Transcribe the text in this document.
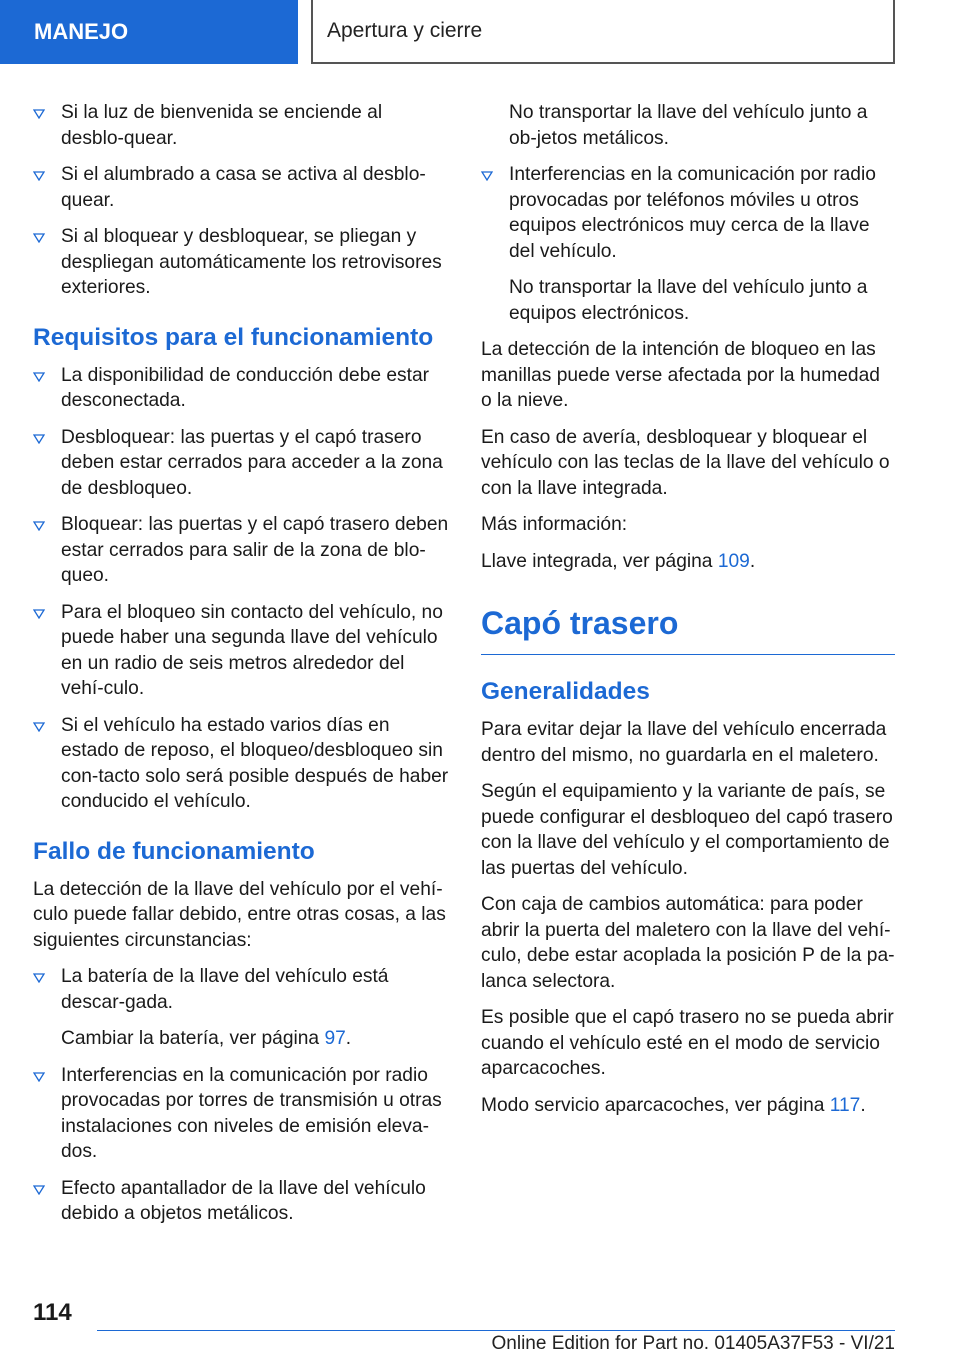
MANEJO	Apertura y cierre
Si la luz de bienvenida se enciende al desblo-quear.
Si el alumbrado a casa se activa al desblo-quear.
Si al bloquear y desbloquear, se pliegan y despliegan automáticamente los retrovisores exteriores.
Requisitos para el funcionamiento
La disponibilidad de conducción debe estar desconectada.
Desbloquear: las puertas y el capó trasero deben estar cerrados para acceder a la zona de desbloqueo.
Bloquear: las puertas y el capó trasero deben estar cerrados para salir de la zona de blo-queo.
Para el bloqueo sin contacto del vehículo, no puede haber una segunda llave del vehículo en un radio de seis metros alrededor del vehí-culo.
Si el vehículo ha estado varios días en estado de reposo, el bloqueo/desbloqueo sin con-tacto solo será posible después de haber conducido el vehículo.
Fallo de funcionamiento
La detección de la llave del vehículo por el vehí-culo puede fallar debido, entre otras cosas, a las siguientes circunstancias:
La batería de la llave del vehículo está descar-gada.
Cambiar la batería, ver página 97.
Interferencias en la comunicación por radio provocadas por torres de transmisión u otras instalaciones con niveles de emisión eleva-dos.
Efecto apantallador de la llave del vehículo debido a objetos metálicos.
No transportar la llave del vehículo junto a ob-jetos metálicos.
Interferencias en la comunicación por radio provocadas por teléfonos móviles u otros equipos electrónicos muy cerca de la llave del vehículo.
No transportar la llave del vehículo junto a equipos electrónicos.
La detección de la intención de bloqueo en las manillas puede verse afectada por la humedad o la nieve.
En caso de avería, desbloquear y bloquear el vehículo con las teclas de la llave del vehículo o con la llave integrada.
Más información:
Llave integrada, ver página 109.
Capó trasero
Generalidades
Para evitar dejar la llave del vehículo encerrada dentro del mismo, no guardarla en el maletero.
Según el equipamiento y la variante de país, se puede configurar el desbloqueo del capó trasero con la llave del vehículo y el comportamiento de las puertas del vehículo.
Con caja de cambios automática: para poder abrir la puerta del maletero con la llave del vehí-culo, debe estar acoplada la posición P de la pa-lanca selectora.
Es posible que el capó trasero no se pueda abrir cuando el vehículo esté en el modo de servicio aparcacoches.
Modo servicio aparcacoches, ver página 117.
114
Online Edition for Part no. 01405A37F53 - VI/21
